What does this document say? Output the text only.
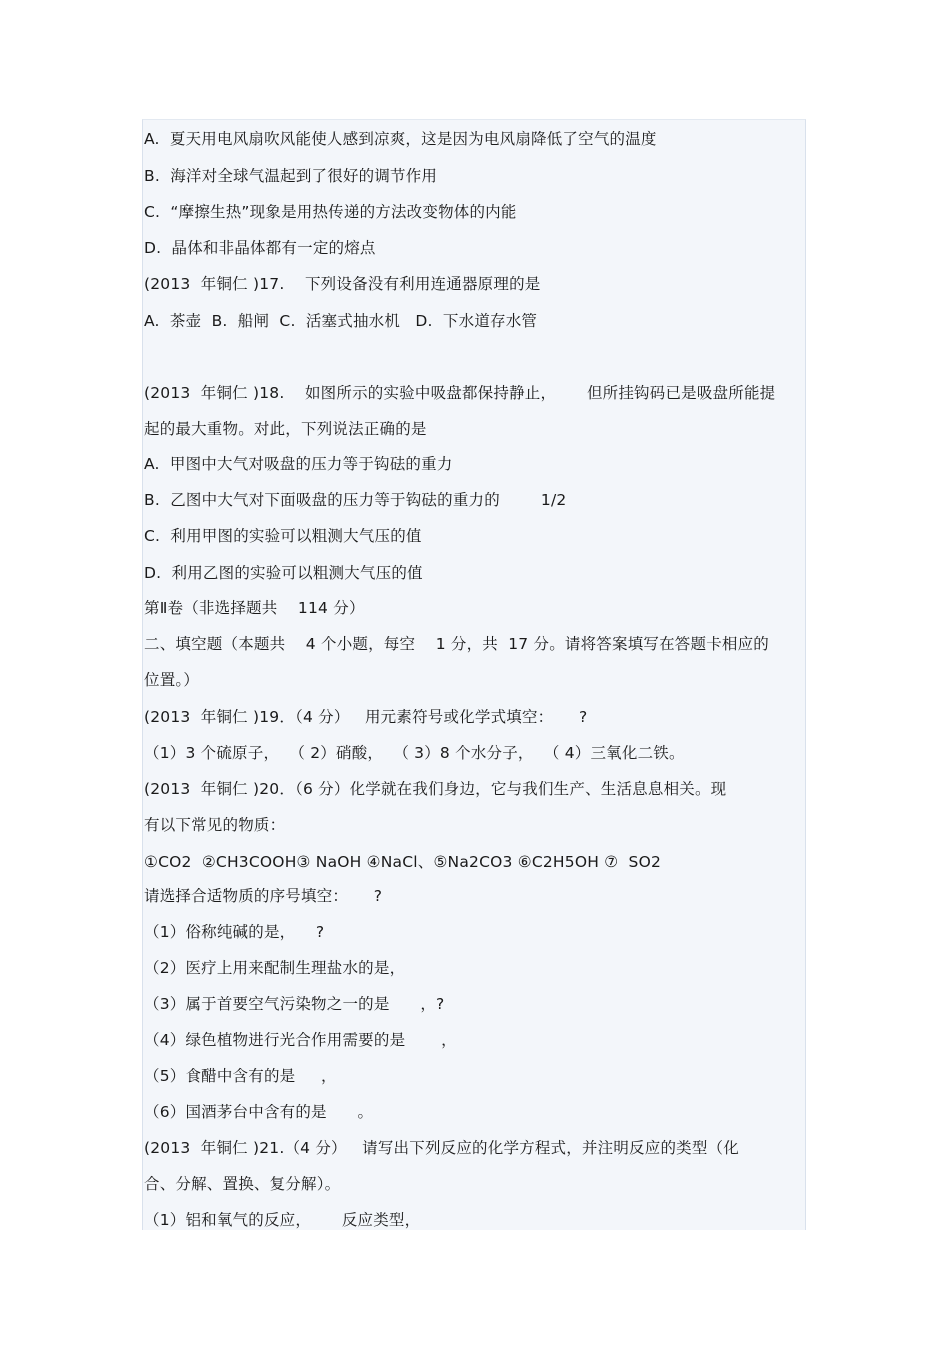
A.  夏天用电风扇吹风能使人感到凉爽，这是因为电风扇降低了空气的温度
B.  海洋对全球气温起到了很好的调节作用
C.  “摩擦生热”现象是用热传递的方法改变物体的内能
D.  晶体和非晶体都有一定的熔点
(2013  年铜仁 )17.    下列设备没有利用连通器原理的是
A.  茶壶  B.  船闸  C.  活塞式抽水机   D.  下水道存水管
(2013  年铜仁 )18.    如图所示的实验中吸盘都保持静止，      但所挂钩码已是吸盘所能提
起的最大重物。对此，下列说法正确的是
A.  甲图中大气对吸盘的压力等于钩砝的重力
B.  乙图中大气对下面吸盘的压力等于钩砝的重力的        1/2
C.  利用甲图的实验可以粗测大气压的值
D.  利用乙图的实验可以粗测大气压的值
第Ⅱ卷（非选择题共    114 分）
二、填空题（本题共    4 个小题，每空    1 分，共  17 分。请将答案填写在答题卡相应的
位置。）
(2013  年铜仁 )19．（4 分）   用元素符号或化学式填空：     ?
（1）3 个硫原子，  （ 2）硝酸，  （ 3）8 个水分子，  （ 4）三氧化二铁。
(2013  年铜仁 )20．（6 分）化学就在我们身边，它与我们生产、生活息息相关。现
有以下常见的物质：
①CO2  ②CH3COOH③ NaOH ④NaCl、⑤Na2CO3 ⑥C2H5OH ⑦  SO2
请选择合适物质的序号填空：     ?
（1）俗称纯碱的是，    ?
（2）医疗上用来配制生理盐水的是，
（3）属于首要空气污染物之一的是      ，?
（4）绿色植物进行光合作用需要的是       ，
（5）食醋中含有的是     ，
（6）国酒茅台中含有的是      。
(2013  年铜仁 )21.（4 分）   请写出下列反应的化学方程式，并注明反应的类型（化
合、分解、置换、复分解）。
（1）铝和氧气的反应，      反应类型，
